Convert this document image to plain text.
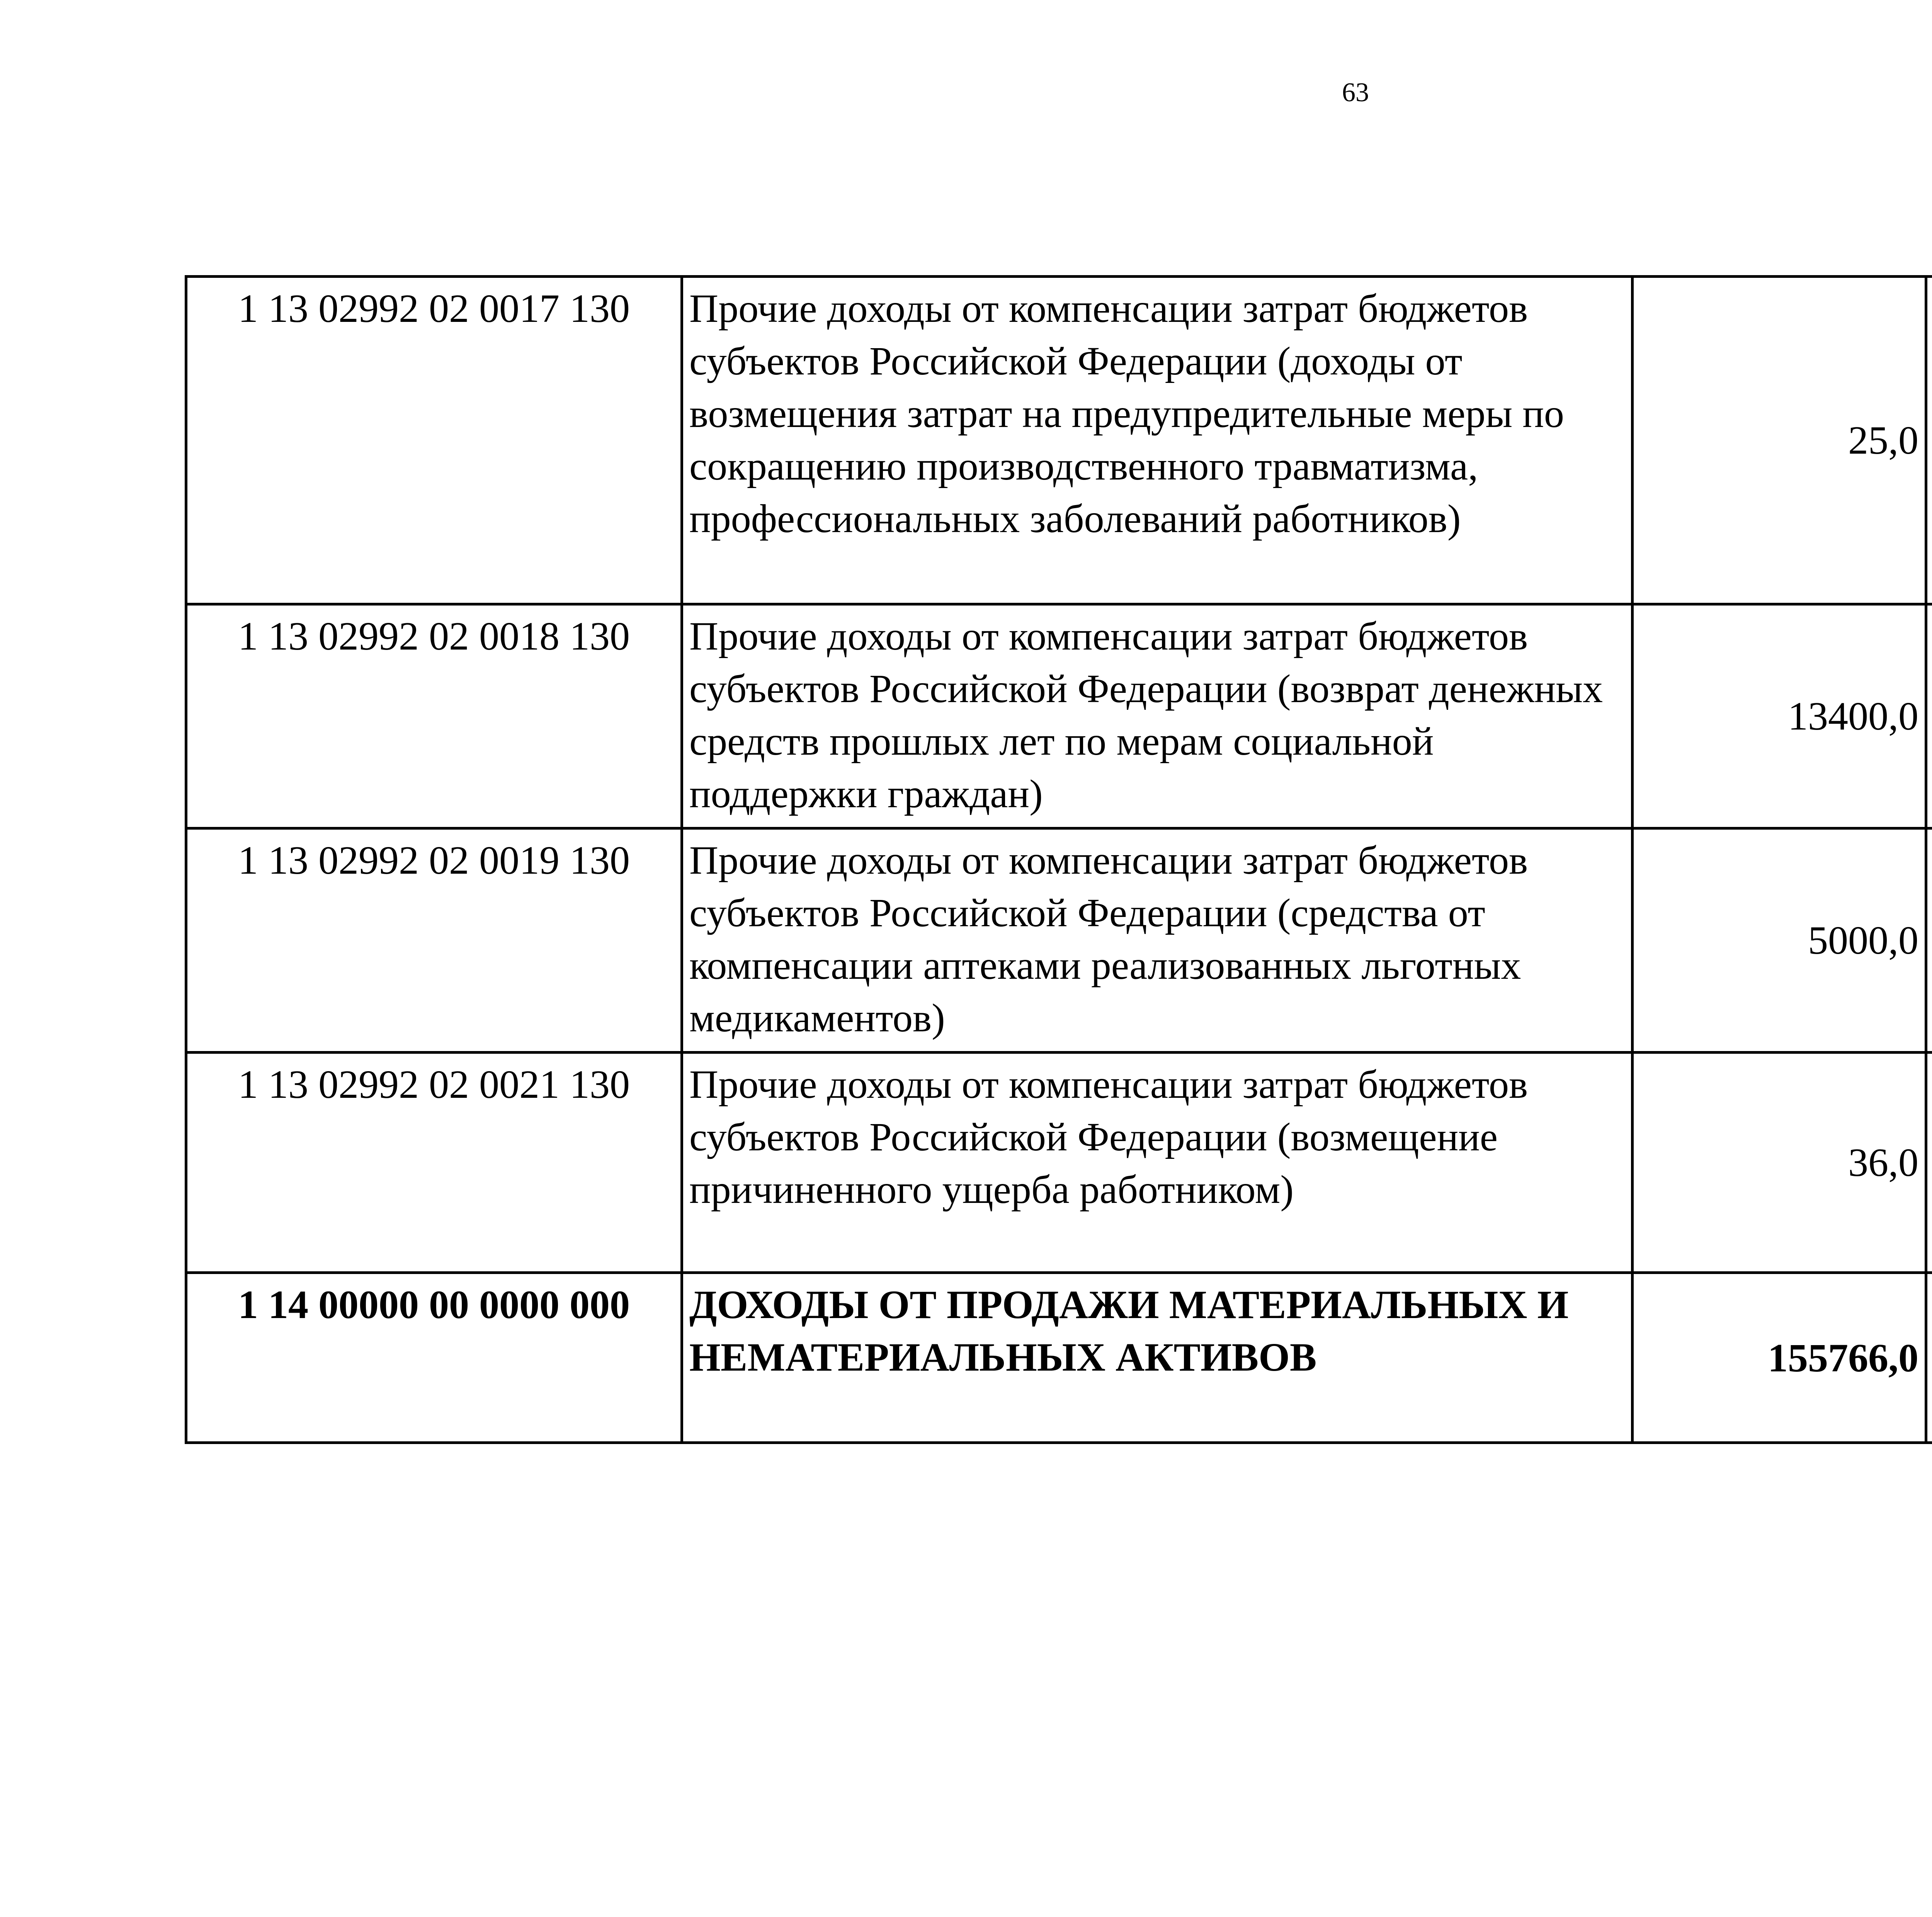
63
1 13 02992 02 0017 130	Прочие доходы от компенсации затрат бюджетов субъектов Российской Федерации (доходы от возмещения затрат на предупредительные меры по сокращению производственного травматизма, профессиональных заболеваний работников)	25,0		
1 13 02992 02 0018 130	Прочие доходы от компенсации затрат бюджетов субъектов Российской Федерации (возврат денежных средств прошлых лет по мерам социальной поддержки граждан)	13400,0		
1 13 02992 02 0019 130	Прочие доходы от компенсации затрат бюджетов субъектов Российской Федерации (средства от компенсации аптеками реализованных льготных медикаментов)	5000,0		
1 13 02992 02 0021 130	Прочие доходы от компенсации затрат бюджетов субъектов Российской Федерации (возмещение причиненного ущерба работником)	36,0		
1 14 00000 00 0000 000	ДОХОДЫ ОТ ПРОДАЖИ МАТЕРИАЛЬНЫХ И НЕМАТЕРИАЛЬНЫХ АКТИВОВ	155766,0		
